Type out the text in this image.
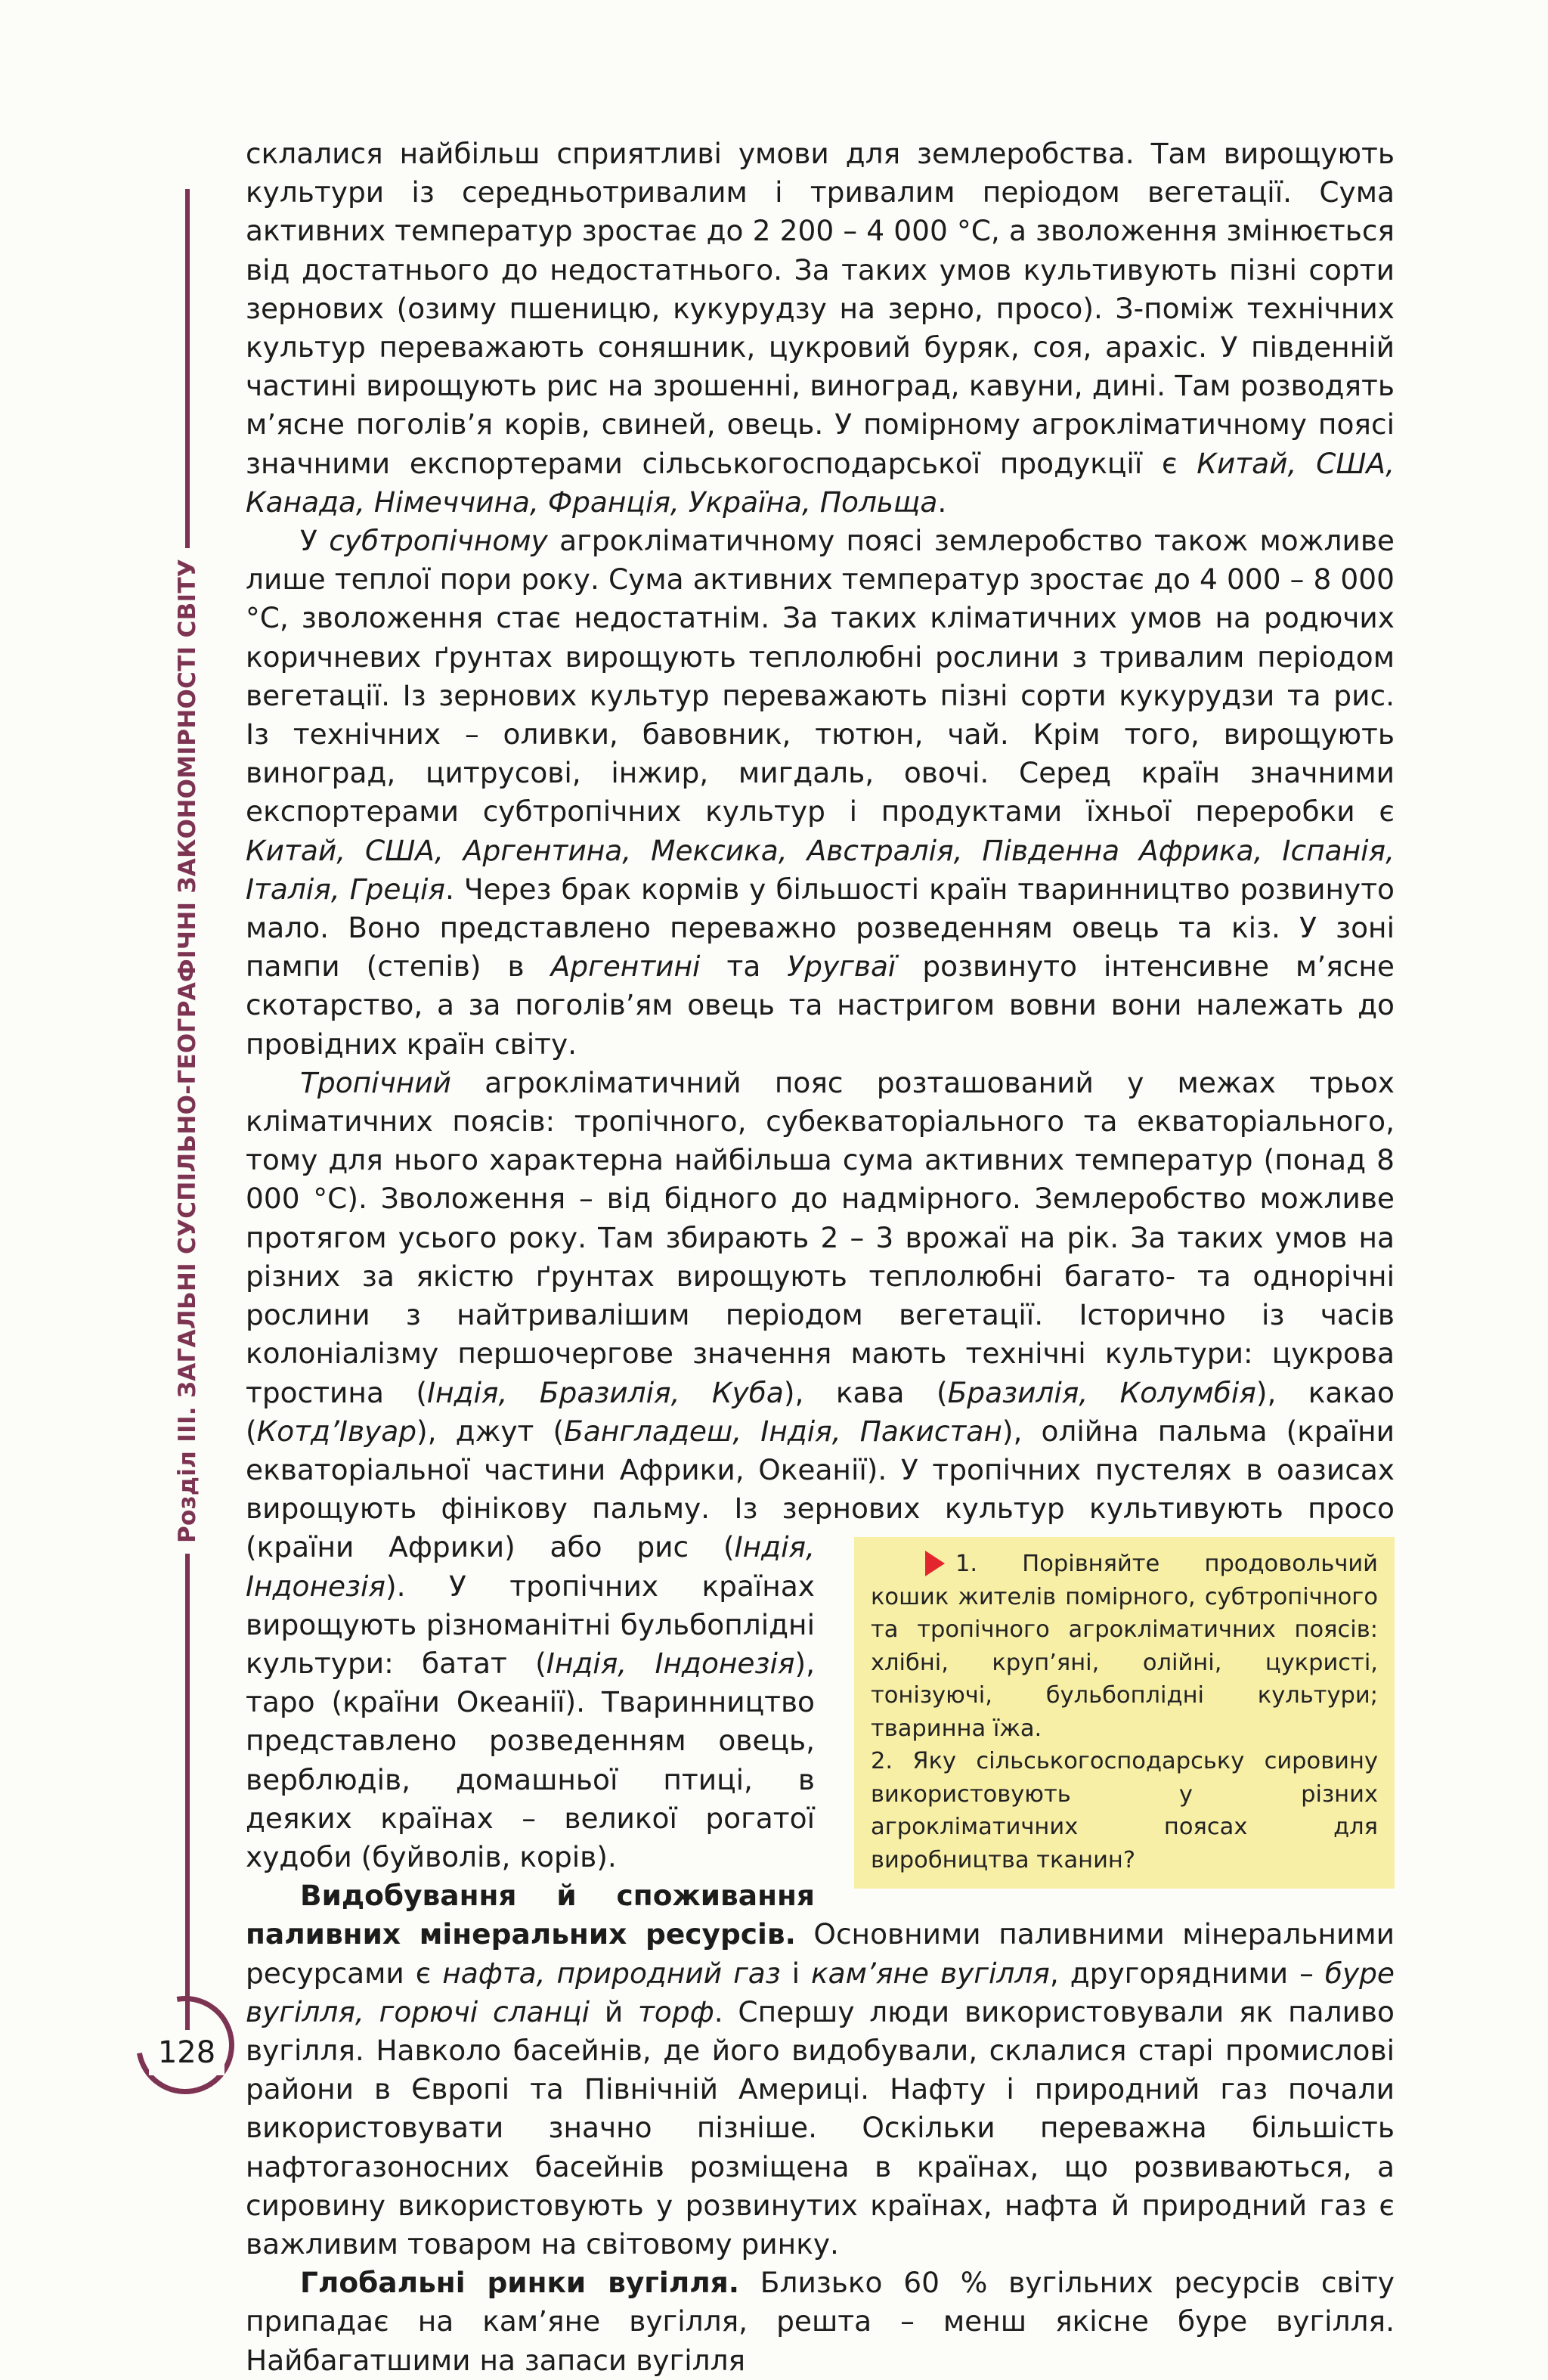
Розділ ІІІ. ЗАГАЛЬНІ СУСПІЛЬНО-ГЕОГРАФІЧНІ ЗАКОНОМІРНОСТІ СВІТУ
128

склалися найбільш сприятливі умови для землеробства. Там вирощують культури із середньотривалим і тривалим періодом вегетації. Сума активних температур зростає до 2 200 – 4 000 °С, а зволоження змінюється від достатнього до недостатнього. За таких умов культивують пізні сорти зернових (озиму пшеницю, кукурудзу на зерно, просо). З-поміж технічних культур переважають соняшник, цукровий буряк, соя, арахіс. У південній частині вирощують рис на зрошенні, виноград, кавуни, дині. Там розводять м’ясне поголів’я корів, свиней, овець. У помірному агрокліматичному поясі значними експортерами сільськогосподарської продукції є Китай, США, Канада, Німеччина, Франція, Україна, Польща.

У субтропічному агрокліматичному поясі землеробство також можливе лише теплої пори року. Сума активних температур зростає до 4 000 – 8 000 °С, зволоження стає недостатнім. За таких кліматичних умов на родючих коричневих ґрунтах вирощують теплолюбні рослини з тривалим періодом вегетації. Із зернових культур переважають пізні сорти кукурудзи та рис. Із технічних – оливки, бавовник, тютюн, чай. Крім того, вирощують виноград, цитрусові, інжир, мигдаль, овочі. Серед країн значними експортерами субтропічних культур і продуктами їхньої переробки є Китай, США, Аргентина, Мексика, Австралія, Південна Африка, Іспанія, Італія, Греція. Через брак кормів у більшості країн тваринництво розвинуто мало. Воно представлено переважно розведенням овець та кіз. У зоні пампи (степів) в Аргентині та Уругваї розвинуто інтенсивне м’ясне скотарство, а за поголів’ям овець та настригом вовни вони належать до провідних країн світу.

Тропічний агрокліматичний пояс розташований у межах трьох кліматичних поясів: тропічного, субекваторіального та екваторіального, тому для нього характерна найбільша сума активних температур (понад 8 000 °С). Зволоження – від бідного до надмірного. Землеробство можливе протягом усього року. Там збирають 2 – 3 врожаї на рік. За таких умов на різних за якістю ґрунтах вирощують теплолюбні багато- та однорічні рослини з найтривалішим періодом вегетації. Історично із часів колоніалізму першочергове значення мають технічні культури: цукрова тростина (Індія, Бразилія, Куба), кава (Бразилія, Колумбія), какао (Котд’Івуар), джут (Бангладеш, Індія, Пакистан), олійна пальма (країни екваторіальної частини Африки, Океанії). У тропічних пустелях в оазисах вирощують фінікову пальму. Із зернових культур культивують просо (країни Африки) або рис (
1. Порівняйте продовольчий кошик жителів помірного, субтропічного та тропічного агрокліматичних поясів: хлібні, круп’яні, олійні, цукристі, тонізуючі, бульбоплідні культури; тваринна їжа.
2. Яку сільськогосподарську сировину використовують у різних агрокліматичних поясах для виробництва тканин?
Індія, Індонезія). У тропічних країнах вирощують різноманітні бульбоплідні культури: батат (Індія, Індонезія), таро (країни Океанії). Тваринництво представлено розведенням овець, верблюдів, домашньої птиці, в деяких країнах – великої рогатої худоби (буйволів, корів).

Видобування й споживання паливних мінеральних ресурсів. Основними паливними мінеральними ресурсами є нафта, природний газ і кам’яне вугілля, другорядними – буре вугілля, горючі сланці й торф. Спершу люди використовували як паливо вугілля. Навколо басейнів, де його видобували, склалися старі промислові райони в Європі та Північній Америці. Нафту і природний газ почали використовувати значно пізніше. Оскільки переважна більшість нафтогазоносних басейнів розміщена в країнах, що розвиваються, а сировину використовують у розвинутих країнах, нафта й природний газ є важливим товаром на світовому ринку.

Глобальні ринки вугілля. Близько 60 % вугільних ресурсів світу припадає на кам’яне вугілля, решта – менш якісне буре вугілля. Найбагатшими на запаси вугілля
